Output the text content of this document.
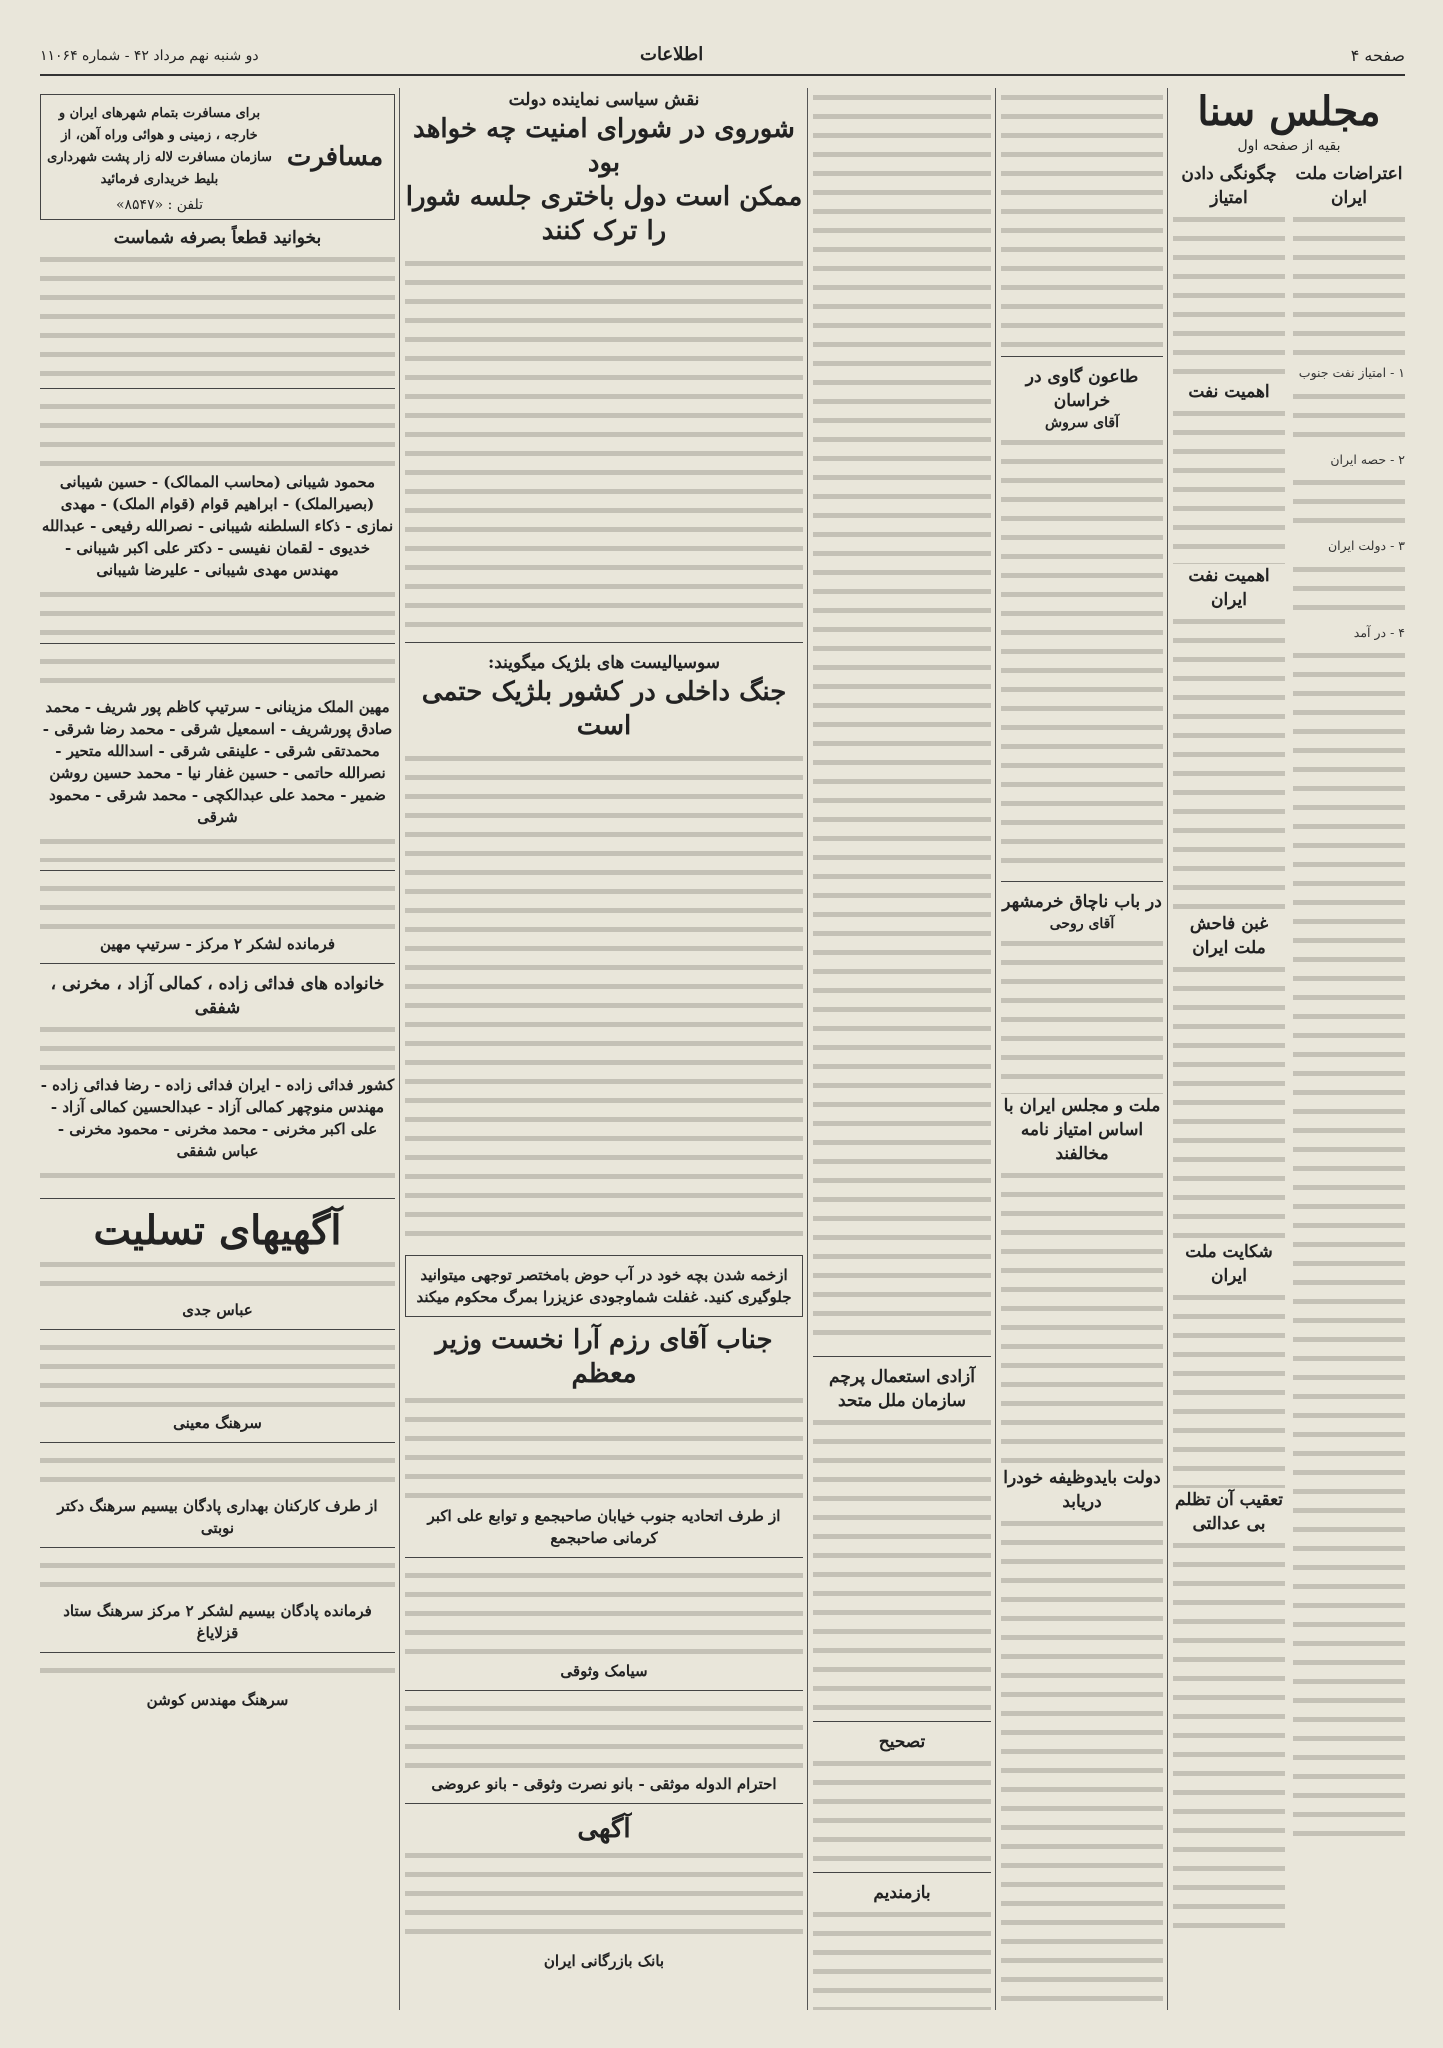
صفحه ۴
اطلاعات
دو شنبه نهم مرداد ۴۲ - شماره ۱۱۰۶۴
مجلس سنا
بقیه از صفحه اول
اعتراضات ملت ایران

۱ - امتیاز نفت جنوب

۲ - حصه ایران

۳ - دولت ایران

۴ - در آمد

چگونگی دادن امتیاز
اهمیت نفت
اهمیت نفت ایران
غبن فاحش ملت ایران
شکایت ملت ایران
تعقیب آن تظلم بی عدالتی
طاعون گاوی در خراسان
آقای سروش
در باب ناچاق خرمشهر
آقای روحی
ملت و مجلس ایران با
اساس امتیاز نامه مخالفند
دولت بایدوظیفه خودرا دریابد
آزادی استعمال پرچم سازمان ملل متحد
تصحیح
بازمندیم
نقش سیاسی نماینده دولت
شوروی در شورای امنیت چه خواهد بود
ممکن است دول باختری جلسه شورا را ترک کنند
سوسیالیست های بلژیک میگویند:
جنگ داخلی در کشور بلژیک حتمی است
ازخمه شدن بچه خود در آب حوض بامختصر توجهی میتوانید جلوگیری کنید. غفلت شماوجودی عزیزرا بمرگ محکوم میکند
جناب آقای رزم آرا نخست وزیر معظم
از طرف اتحادیه جنوب خیابان صاحبجمع و توابع علی اکبر کرمانی صاحبجمع
سیامک وثوقی
احترام الدوله موثقی - بانو نصرت وثوقی - بانو عروضی
آگهی
بانک بازرگانی ایران
مسافرت
برای مسافرت بتمام شهرهای ایران و خارجه ، زمینی و هوائی وراه آهن، از سازمان مسافرت لاله زار پشت شهرداری بلیط خریداری فرمائید
تلفن : «۸۵۴۷»
بخوانید قطعاً بصرفه شماست
محمود شیبانی (محاسب الممالک) - حسین شیبانی (بصیرالملک) - ابراهیم قوام (قوام الملک) - مهدی نمازی - ذکاء السلطنه شیبانی - نصرالله رفیعی - عبدالله خدیوی - لقمان نفیسی - دکتر علی اکبر شیبانی - مهندس مهدی شیبانی - علیرضا شیبانی
مهین الملک مزینانی - سرتیپ کاظم پور شریف - محمد صادق پورشریف - اسمعیل شرقی - محمد رضا شرقی - محمدتقی شرقی - علینقی شرقی - اسدالله متحیر - نصرالله حاتمی - حسین غفار نیا - محمد حسین روشن ضمیر - محمد علی عبدالکچی - محمد شرقی - محمود شرقی
فرمانده لشکر ۲ مرکز - سرتیپ مهین
خانواده های فدائی زاده ، کمالی آزاد ، مخرنی ، شفقی
کشور فدائی زاده - ایران فدائی زاده - رضا فدائی زاده - مهندس منوچهر کمالی آزاد - عبدالحسین کمالی آزاد - علی اکبر مخرنی - محمد مخرنی - محمود مخرنی - عباس شفقی
آگهیهای تسلیت
عباس جدی
سرهنگ معینی
از طرف کارکنان بهداری پادگان بیسیم سرهنگ دکتر نوبتی
فرمانده پادگان بیسیم لشکر ۲ مرکز سرهنگ ستاد قزلایاغ
سرهنگ مهندس کوشن
